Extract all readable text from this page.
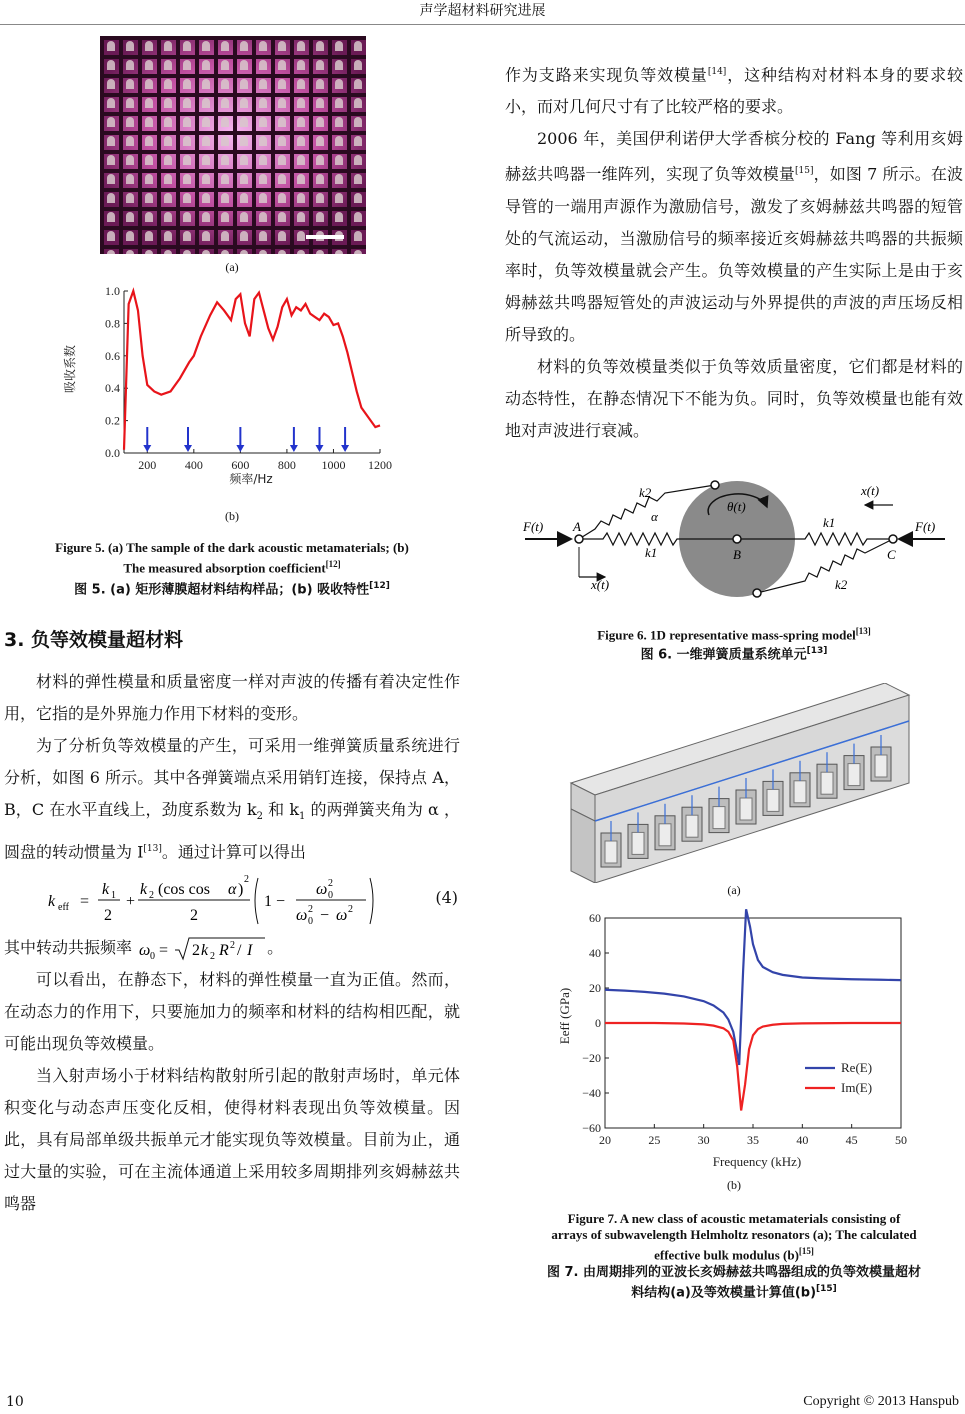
声学超材料研究进展
(a)
0.0
0.2
0.4
0.6
0.8
1.0
200 400 600 800 1000 1200
吸收系数
频率/Hz
(b)
Figure 5. (a) The sample of the dark acoustic metamaterials; (b)
The measured absorption coefficient[12]
图 5. (a) 矩形薄膜超材料结构样品；(b) 吸收特性[12]
3. 负等效模量超材料

材料的弹性模量和质量密度一样对声波的传播有着决定性作用，它指的是外界施力作用下材料的变形。

为了分析负等效模量的产生，可采用一维弹簧质量系统进行分析，如图 6 所示。其中各弹簧端点采用销钉连接，保持点 A，B，C 在水平直线上，劲度系数为 $k_2$ 和 $k_1$ 的两弹簧夹角为 α ，圆盘的转动惯量为 I[13]。通过计算可以得出

k eff =
k 1
2
+
k 2 (cos cos α )
2
2
1 −
ω 0
2
ω 0
2 − ω 2
(4)

其中转动共振频率 ω 0 = 2 k 2 R 2 / I 。

可以看出，在静态下，材料的弹性模量一直为正值。然而，在动态力的作用下，只要施加力的频率和材料的结构相匹配，就可能出现负等效模量。

当入射声场小于材料结构散射所引起的散射声场时，单元体积变化与动态声压变化反相，使得材料表现出负等效模量。因此，具有局部单级共振单元才能实现负等效模量。目前为止，通过大量的实验，可在主流体通道上采用较多周期排列亥姆赫兹共鸣器

作为支路来实现负等效模量[14]，这种结构对材料本身的要求较小，而对几何尺寸有了比较严格的要求。

2006 年，美国伊利诺伊大学香槟分校的 Fang 等利用亥姆赫兹共鸣器一维阵列，实现了负等效模量[15]，如图 7 所示。在波导管的一端用声源作为激励信号，激发了亥姆赫兹共鸣器的短管处的气流运动，当激励信号的频率接近亥姆赫兹共鸣器的共振频率时，负等效模量就会产生。负等效模量的产生实际上是由于亥姆赫兹共鸣器短管处的声波运动与外界提供的声波的声压场反相所导致的。

材料的负等效模量类似于负等效质量密度，它们都是材料的动态特性，在静态情况下不能为负。同时，负等效模量也能有效地对声波进行衰减。

F(t)	F(t)
A
B	C
k1
k1
k2
k2
α
θ(t)
x(t)
x(t)
Figure 6. 1D representative mass-spring model[13]
图 6. 一维弹簧质量系统单元[13]
(a)
60
40
20
0
−20
−40
−60
20	25	30	35	40	45	50
Re(E)
Im(E)
Eeff (GPa)
Frequency (kHz)
(b)
Figure 7. A new class of acoustic metamaterials consisting of
arrays of subwavelength Helmholtz resonators (a); The calculated
effective bulk modulus (b)[15]
图 7. 由周期排列的亚波长亥姆赫兹共鸣器组成的负等效模量超材
料结构(a)及等效模量计算值(b)[15]
10	Copyright © 2013 Hanspub
